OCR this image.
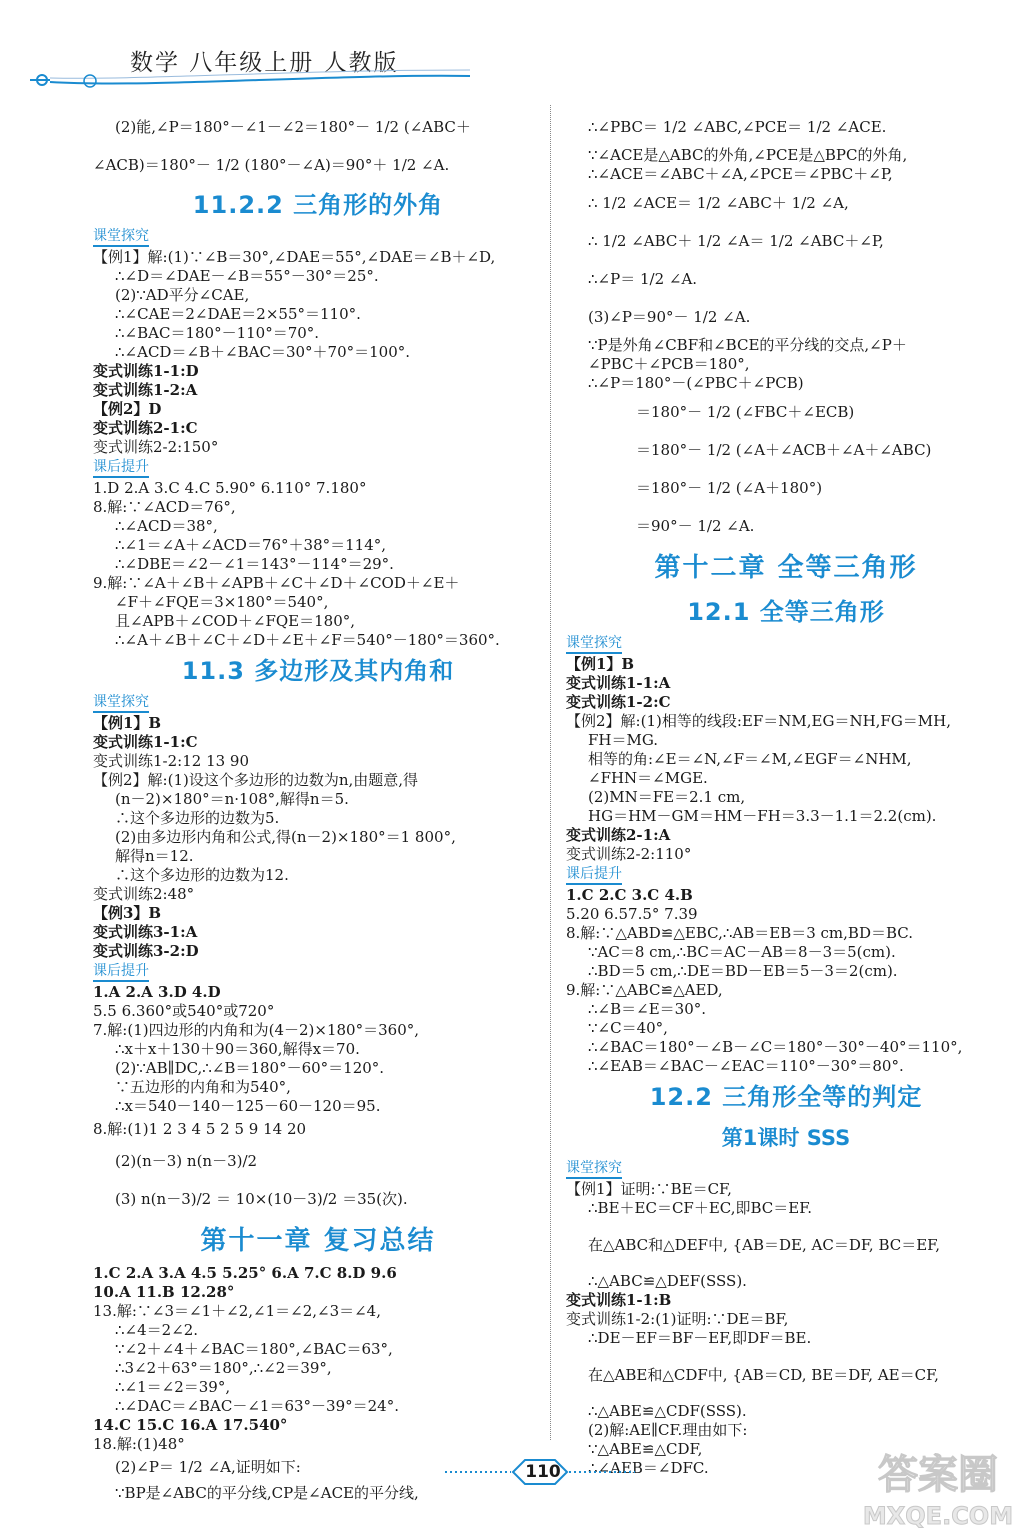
数学 八年级上册 人教版
(2)能,∠P＝180°－∠1－∠2＝180°－ 1/2 (∠ABC＋
∠ACB)＝180°－ 1/2 (180°－∠A)＝90°＋ 1/2 ∠A.
11.2.2 三角形的外角
课堂探究
【例1】解:(1)∵∠B＝30°,∠DAE＝55°,∠DAE＝∠B＋∠D,
∴∠D＝∠DAE－∠B＝55°－30°＝25°.
(2)∵AD平分∠CAE,
∴∠CAE＝2∠DAE＝2×55°＝110°.
∴∠BAC＝180°－110°＝70°.
∴∠ACD＝∠B＋∠BAC＝30°＋70°＝100°.
变式训练1-1:D
变式训练1-2:A
【例2】D
变式训练2-1:C
变式训练2-2:150°
课后提升
1.D 2.A 3.C 4.C 5.90° 6.110° 7.180°
8.解:∵∠ACD＝76°,
∴∠ACD＝38°,
∴∠1＝∠A＋∠ACD＝76°＋38°＝114°,
∴∠DBE＝∠2－∠1＝143°－114°＝29°.
9.解:∵∠A＋∠B＋∠APB＋∠C＋∠D＋∠COD＋∠E＋
∠F＋∠FQE＝3×180°＝540°,
且∠APB＋∠COD＋∠FQE＝180°,
∴∠A＋∠B＋∠C＋∠D＋∠E＋∠F＝540°－180°＝360°.
11.3 多边形及其内角和
课堂探究
【例1】B
变式训练1-1:C
变式训练1-2:12 13 90
【例2】解:(1)设这个多边形的边数为n,由题意,得
(n－2)×180°＝n·108°,解得n＝5.
∴这个多边形的边数为5.
(2)由多边形内角和公式,得(n－2)×180°＝1 800°,
解得n＝12.
∴这个多边形的边数为12.
变式训练2:48°
【例3】B
变式训练3-1:A
变式训练3-2:D
课后提升
1.A 2.A 3.D 4.D
5.5 6.360°或540°或720°
7.解:(1)四边形的内角和为(4－2)×180°＝360°,
∴x＋x＋130＋90＝360,解得x＝70.
(2)∵AB∥DC,∴∠B＝180°－60°＝120°.
∵五边形的内角和为540°,
∴x＝540－140－125－60－120＝95.
8.解:(1)1 2 3 4 5 2 5 9 14 20
(2)(n－3) n(n－3)/2
(3) n(n－3)/2 ＝ 10×(10－3)/2 ＝35(次).
第十一章 复习总结
1.C 2.A 3.A 4.5 5.25° 6.A 7.C 8.D 9.6
10.A 11.B 12.28°
13.解:∵∠3＝∠1＋∠2,∠1＝∠2,∠3＝∠4,
∴∠4＝2∠2.
∵∠2＋∠4＋∠BAC＝180°,∠BAC＝63°,
∴3∠2＋63°＝180°,∴∠2＝39°,
∴∠1＝∠2＝39°,
∴∠DAC＝∠BAC－∠1＝63°－39°＝24°.
14.C 15.C 16.A 17.540°
18.解:(1)48°
(2)∠P＝ 1/2 ∠A,证明如下:
∵BP是∠ABC的平分线,CP是∠ACE的平分线,
∴∠PBC＝ 1/2 ∠ABC,∠PCE＝ 1/2 ∠ACE.
∵∠ACE是△ABC的外角,∠PCE是△BPC的外角,
∴∠ACE＝∠ABC＋∠A,∠PCE＝∠PBC＋∠P,
∴ 1/2 ∠ACE＝ 1/2 ∠ABC＋ 1/2 ∠A,
∴ 1/2 ∠ABC＋ 1/2 ∠A＝ 1/2 ∠ABC＋∠P,
∴∠P＝ 1/2 ∠A.
(3)∠P＝90°－ 1/2 ∠A.
∵P是外角∠CBF和∠BCE的平分线的交点,∠P＋
∠PBC＋∠PCB＝180°,
∴∠P＝180°－(∠PBC＋∠PCB)
＝180°－ 1/2 (∠FBC＋∠ECB)
＝180°－ 1/2 (∠A＋∠ACB＋∠A＋∠ABC)
＝180°－ 1/2 (∠A＋180°)
＝90°－ 1/2 ∠A.
第十二章 全等三角形
12.1 全等三角形
课堂探究
【例1】B
变式训练1-1:A
变式训练1-2:C
【例2】解:(1)相等的线段:EF＝NM,EG＝NH,FG＝MH,
FH＝MG.
相等的角:∠E＝∠N,∠F＝∠M,∠EGF＝∠NHM,
∠FHN＝∠MGE.
(2)MN＝FE＝2.1 cm,
HG＝HM－GM＝HM－FH＝3.3－1.1＝2.2(cm).
变式训练2-1:A
变式训练2-2:110°
课后提升
1.C 2.C 3.C 4.B
5.20 6.57.5° 7.39
8.解:∵△ABD≌△EBC,∴AB＝EB＝3 cm,BD＝BC.
∵AC＝8 cm,∴BC＝AC－AB＝8－3＝5(cm).
∴BD＝5 cm,∴DE＝BD－EB＝5－3＝2(cm).
9.解:∵△ABC≌△AED,
∴∠B＝∠E＝30°.
∵∠C＝40°,
∴∠BAC＝180°－∠B－∠C＝180°－30°－40°＝110°,
∴∠EAB＝∠BAC－∠EAC＝110°－30°＝80°.
12.2 三角形全等的判定
第1课时 SSS
课堂探究
【例1】证明:∵BE＝CF,
∴BE＋EC＝CF＋EC,即BC＝EF.
在△ABC和△DEF中, {AB＝DE, AC＝DF, BC＝EF,
∴△ABC≌△DEF(SSS).
变式训练1-1:B
变式训练1-2:(1)证明:∵DE＝BF,
∴DE－EF＝BF－EF,即DF＝BE.
在△ABE和△CDF中, {AB＝CD, BE＝DF, AE＝CF,
∴△ABE≌△CDF(SSS).
(2)解:AE∥CF.理由如下:
∵△ABE≌△CDF,
∴∠AEB＝∠DFC.
110	答案圈
MXQE.COM
